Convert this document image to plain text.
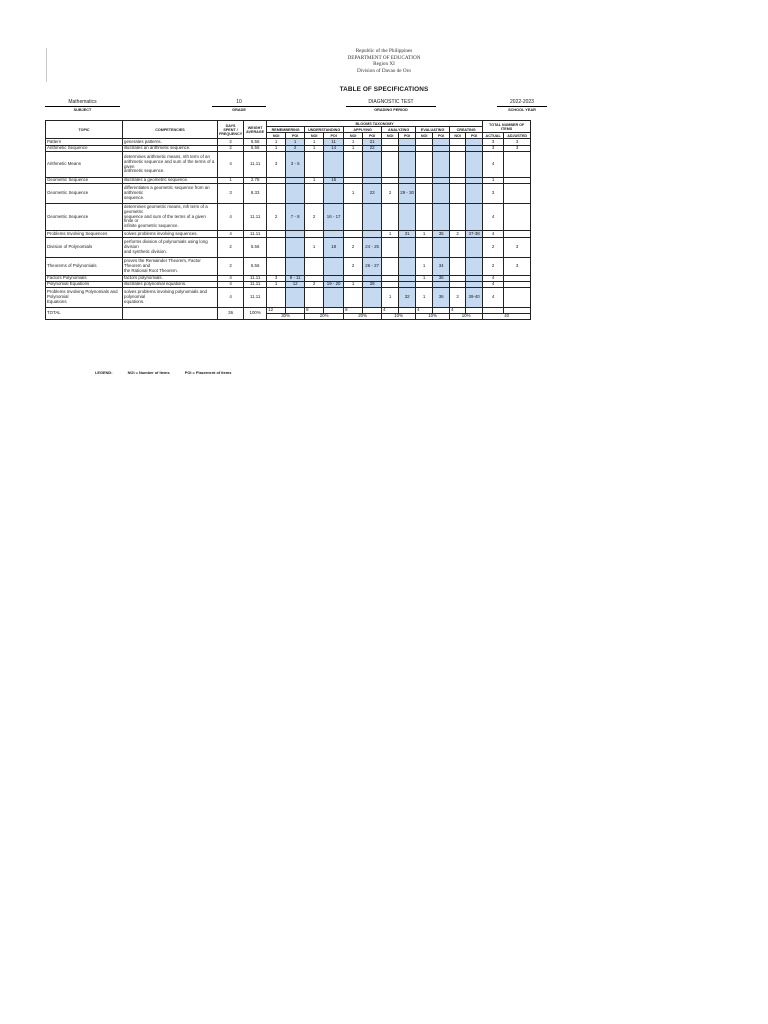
Republic of the Philippines
DEPARTMENT OF EDUCATION
Region XI
Division of Davao de Oro
TABLE OF SPECIFICATIONS
Mathematics
SUBJECT
10
GRADE
DIAGNOSTIC TEST
GRADING PERIOD
2022-2023
SCHOOL YEAR
TOPIC	COMPETENCIES	DAYS SPENT / FREQUENCY	WEIGHT AVERAGE	BLOOMS TAXONOMY												TOTAL NUMBER OF ITEMS	
				REMEMBERING		UNDERSTANDING		APPLYING		ANALYZING		EVALUATING		CREATING			
				NOI	POI	NOI	POI	NOI	POI	NOI	POI	NOI	POI	NOI	POI	ACTUAL	ADJUSTED
Pattern	generates patterns.	2	5.56	1	1	1	11	1	21							3	3
Arithmetic Sequence	illustrates an arithmetic sequence.	2	5.56	1	2	1	14	1	22							3	3
Arithmetic Means	determines arithmetic means, nth term of an
arithmetic sequence and sum of the terms of a given
arithmetic sequence.	4	11.11	3	3 - 6											4	
Geometric Sequence	illustrates a geometric sequence.	1	2.78			1	15									1	
Geometric Sequence	differentiates a geometric sequence from an arithmetic
sequence.	3	8.33					1	23	2	29 - 30					3	
Geometric Sequence	determines geometric means, nth term of a geometric
sequence and sum of the terms of a given finite or
infinite geometric sequence.	4	11.11	2	7 - 8	2	16 - 17									4	
Problems Involving Sequences	solves problems involving sequences.	4	11.11							1	31	1	35	2	37-38	4	
Division of Polynomials	performs division of polynomials using long division
and synthetic division.	2	5.56			1	18	2	24 - 25							2	3
Theorems of Polynomials	proves the Remainder Theorem, Factor Theorem and
the Rational Root Theorem.	2	5.56					2	26 - 27			1	34			2	3
Factors Polynomials	factors polynomials.	4	11.11	3	9 - 11							1	36			4	
Polynomial Equations	illustrates polynomial equations.	4	11.11	1	12	2	19 - 20	1	28							4	
Problems Involving Polynomials and Polynomial
Equations	solves problems involving polynomials and polynomial
equations.	4	11.11							1	32	1	36	2	39-40	4	
TOTAL		36	100%	12		8		8		4		4		4			
				30%		20%		20%		10%		10%		10%		40	
LEGEND:	NOI = Number of Items	POI = Placement of Items
